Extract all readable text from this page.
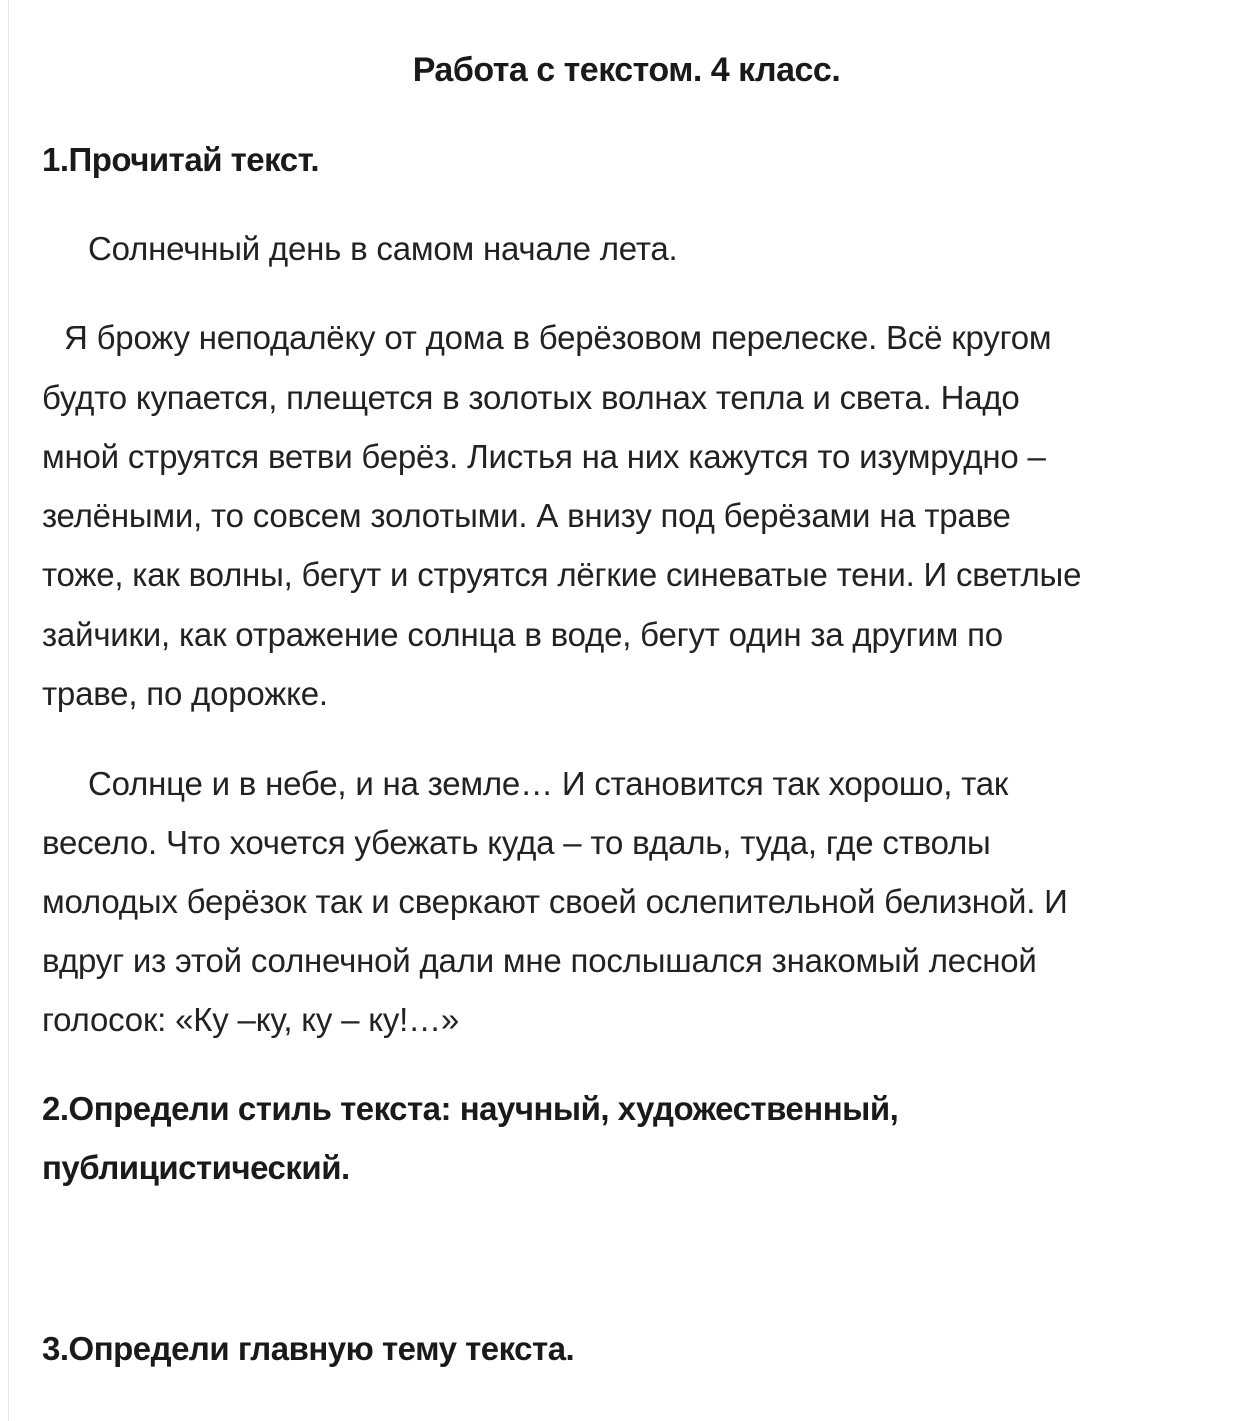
Работа с текстом. 4 класс.
1.Прочитай текст.
Солнечный день в самом начале лета.
Я брожу неподалёку от дома в берёзовом перелеске. Всё кругом
будто купается, плещется в золотых волнах тепла и света. Надо
мной струятся ветви берёз. Листья на них кажутся то изумрудно –
зелёными, то совсем золотыми. А внизу под берёзами на траве
тоже, как волны, бегут и струятся лёгкие синеватые тени. И светлые
зайчики, как отражение солнца в воде, бегут один за другим по
траве, по дорожке.
Солнце и в небе, и на земле… И становится так хорошо, так
весело. Что хочется убежать куда – то вдаль, туда, где стволы
молодых берёзок так и сверкают своей ослепительной белизной. И
вдруг из этой солнечной дали мне послышался знакомый лесной
голосок: «Ку –ку, ку – ку!…»
2.Определи стиль текста: научный, художественный,
публицистический.
3.Определи главную тему текста.
